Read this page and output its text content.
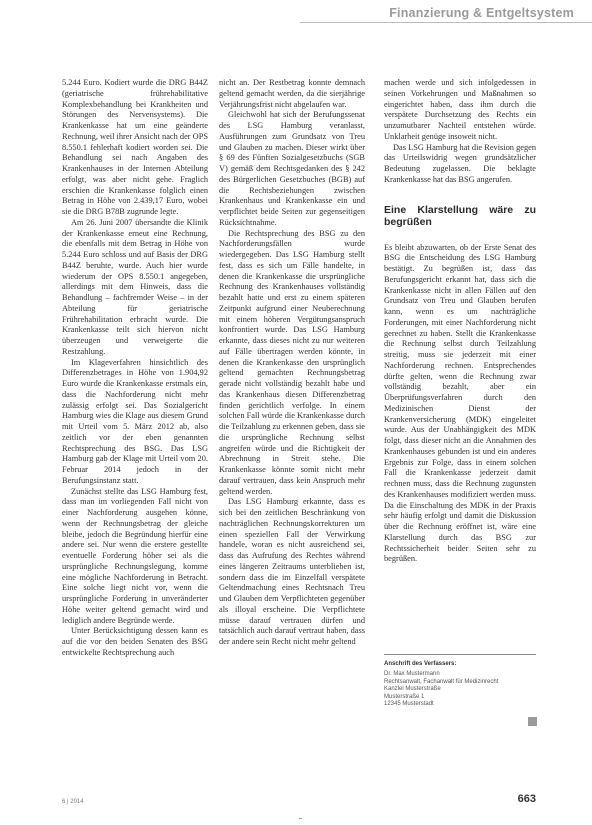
Finanzierung & Entgeltsystem

5.244 Euro. Kodiert wurde die DRG B44Z (geriatrische frührehabilitative Komplexbehandlung bei Krankheiten und Störungen des Nervensystems). Die Krankenkasse hat um eine geänderte Rechnung, weil ihrer Ansicht nach der OPS 8.550.1 fehlerhaft kodiert worden sei. Die Behandlung sei nach Angaben des Krankenhauses in der Internen Abteilung erfolgt, was aber nicht gehe. Fraglich erschien die Krankenkasse folglich einen Betrag in Höhe von 2.439,17 Euro, wobei sie die DRG B78B zugrunde legte.

Am 26. Juni 2007 übersandte die Klinik der Krankenkasse erneut eine Rechnung, die ebenfalls mit dem Betrag in Höhe von 5.244 Euro schloss und auf Basis der DRG B44Z beruhte, wurde. Auch hier wurde wiederum der OPS 8.550.1 angegeben, allerdings mit dem Hinweis, dass die Behandlung – fachfremder Weise – in der Abteilung für geriatrische Frührehabilitation erbracht wurde. Die Krankenkasse teilt sich hiervon nicht überzeugen und verweigerte die Restzahlung.

Im Klageverfahren hinsichtlich des Differenzbetrages in Höhe von 1.904,92 Euro wurde die Krankenkasse erstmals ein, dass die Nachforderung nicht mehr zulässig erfolgt sei. Das Sozialgericht Hamburg wies die Klage aus diesem Grund mit Urteil vom 5. März 2012 ab, also zeitlich vor der eben genannten Rechtsprechung des BSG. Das LSG Hamburg gab der Klage mit Urteil vom 20. Februar 2014 jedoch in der Berufungsinstanz statt.

Zunächst stellte das LSG Hamburg fest, dass man im vorliegenden Fall nicht von einer Nachforderung ausgehen könne, wenn der Rechnungsbetrag der gleiche bleibe, jedoch die Begründung hierfür eine andere sei. Nur wenn die erstere gestellte eventuelle Forderung höher sei als die ursprüngliche Rechnungslegung, komme eine mögliche Nachforderung in Betracht. Eine solche liegt nicht vor, wenn die ursprüngliche Forderung in unveränderter Höhe weiter geltend gemacht wird und lediglich andere Begründe werde.

Unter Berücksichtigung dessen kann es auf die vor den beiden Senaten des BSG entwickelte Rechtsprechung auch

nicht an. Der Restbetrag konnte demnach geltend gemacht werden, da die sierjährige Verjährungsfrist nicht abgelaufen war.

Gleichwohl hat sich der Berufungssenat des LSG Hamburg veranlasst, Ausführungen zum Grundsatz von Treu und Glauben zu machen. Dieser wirkt über § 69 des Fünften Sozialgesetzbuchs (SGB V) gemäß dem Rechtsgedanken des § 242 des Bürgerlichen Gesetzbuches (BGB) auf die Rechtsbeziehungen zwischen Krankenhaus und Krankenkasse ein und verpflichtet beide Seiten zur gegenseitigen Rücksichtnahme.

Die Rechtsprechung des BSG zu den Nachforderungsfällen wurde wiedergegeben. Das LSG Hamburg stellt fest, dass es sich um Fälle handelte, in denen die Krankenkasse die ursprüngliche Rechnung des Krankenhauses vollständig bezahlt hatte und erst zu einem späteren Zeitpunkt aufgrund einer Neuberechnung mit einem höheren Vergütungsanspruch konfrontiert wurde. Das LSG Hamburg erkannte, dass dieses nicht zu nur weiteren auf Fälle übertragen werden könnte, in denen die Krankenkasse den ursprünglich geltend gemachten Rechnungsbetrag gerade nicht vollständig bezahlt habe und das Krankenhaus diesen Differenzbetrag finden gerichtlich verfolge. In einem solchen Fall würde die Krankenkasse durch die Teilzahlung zu erkennen geben, dass sie die ursprüngliche Rechnung selbst angreifen würde und die Richtigkeit der Abrechnung in Streit stehe. Die Krankenkasse könnte somit nicht mehr darauf vertrauen, dass kein Anspruch mehr geltend werden.

Das LSG Hamburg erkannte, dass es sich bei den zeitlichen Beschränkung von nachträglichen Rechnungskorrekturen um einen speziellen Fall der Verwirkung handele, woran es nicht ausreichend sei, dass das Aufrufung des Rechtes während eines längeren Zeitraums unterblieben ist, sondern dass die im Einzelfall verspätete Geltendmachung eines Rechtsnach Treu und Glauben dem Verpflichteten gegenüber als illoyal erscheine. Die Verpflichtete müsse darauf vertrauen dürfen und tatsächlich auch darauf vertraut haben, dass der andere sein Recht nicht mehr geltend

machen werde und sich infolgedessen in seinen Vorkehrungen und Maßnahmen so eingerichtet haben, dass ihm durch die verspätete Durchsetzung des Rechts ein unzumutbarer Nachteil entstehen würde. Unklarheit genüge insoweit nicht.

Das LSG Hamburg hat die Revision gegen das Urteilswidrig wegen grundsätzlicher Bedeutung zugelassen. Die beklagte Krankenkasse hat das BSG angerufen.

Eine Klarstellung wäre zu begrüßen

Es bleibt abzuwarten, ob der Erste Senat des BSG die Entscheidung des LSG Hamburg bestätigt. Zu begrüßen ist, dass das Berufungsgericht erkannt hat, dass sich die Krankenkasse nicht in allen Fällen auf den Grundsatz von Treu und Glauben berufen kann, wenn es um nachträgliche Forderungen, mit einer Nachforderung nicht gerechnet zu haben. Stellt die Krankenkasse die Rechnung selbst durch Teilzahlung streitig, muss sie jederzeit mit einer Nachforderung rechnen. Entsprechendes dürfte gelten, wenn die Rechnung zwar vollständig bezahlt, aber ein Überprüfungsverfahren durch den Medizinischen Dienst der Krankenversicherung (MDK) eingeleitet wurde. Aus der Unabhängigkeit des MDK folgt, dass dieser nicht an die Annahmen des Krankenhauses gebunden ist und ein anderes Ergebnis zur Folge, dass in einem solchen Fall die Krankenkasse jederzeit damit rechnen muss, dass die Rechnung zugunsten des Krankenhauses modifiziert werden muss. Da die Einschaltung des MDK in der Praxis sehr häufig erfolgt und damit die Diskussion über die Rechnung eröffnet ist, wäre eine Klarstellung durch das BSG zur Rechtssicherheit beider Seiten sehr zu begrüßen.

Anschrift des Verfassers:
Dr. Max Mustermann
Rechtsanwalt, Fachanwalt für Medizinrecht
Kanzlei Musterstraße
Musterstraße 1
12345 Musterstadt
6 | 2014	663
